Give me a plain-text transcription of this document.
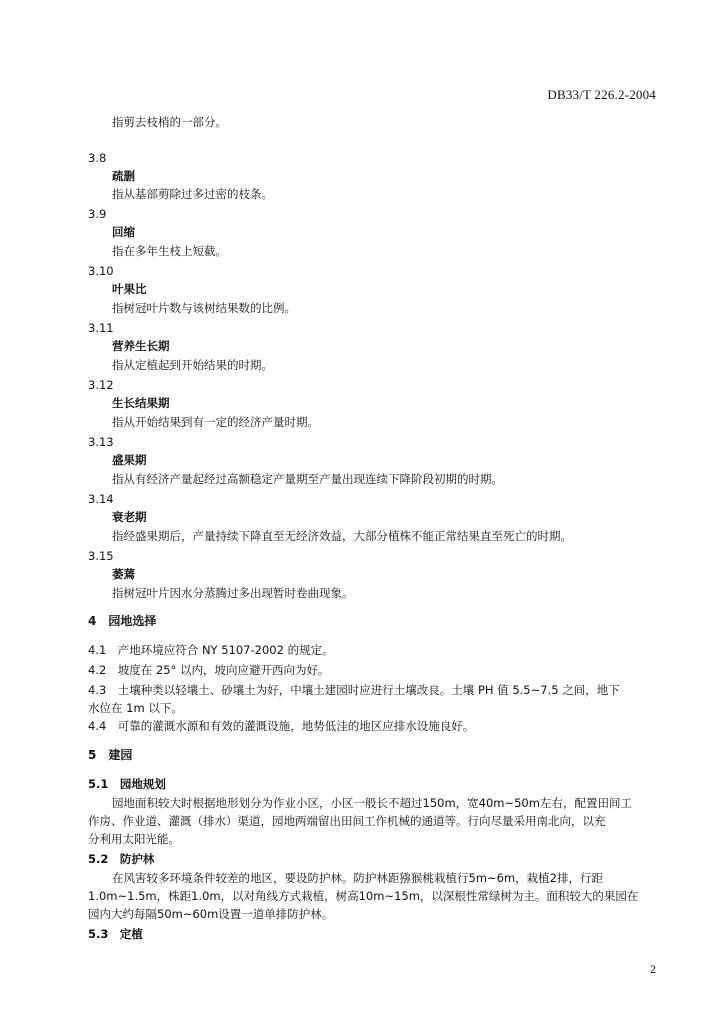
DB33/T 226.2-2004
指剪去枝梢的一部分。
3.8
疏删
指从基部剪除过多过密的枝条。
3.9
回缩
指在多年生枝上短截。
3.10
叶果比
指树冠叶片数与该树结果数的比例。
3.11
营养生长期
指从定植起到开始结果的时期。
3.12
生长结果期
指从开始结果到有一定的经济产量时期。
3.13
盛果期
指从有经济产量起经过高额稳定产量期至产量出现连续下降阶段初期的时期。
3.14
衰老期
指经盛果期后，产量持续下降直至无经济效益，大部分植株不能正常结果直至死亡的时期。
3.15
萎蔫
指树冠叶片因水分蒸腾过多出现暂时卷曲现象。
4　园地选择
4.1　产地环境应符合 NY 5107-2002 的规定。
4.2　坡度在 25° 以内，坡向应避开西向为好。
4.3　土壤种类以轻壤土、砂壤土为好，中壤土建园时应进行土壤改良。土壤 PH 值 5.5~7.5 之间，地下
水位在 1m 以下。
4.4　可靠的灌溉水源和有效的灌溉设施，地势低洼的地区应排水设施良好。
5　建园
5.1　园地规划
园地面积较大时根据地形划分为作业小区，小区一般长不超过150m，宽40m~50m左右，配置田间工
作房、作业道、灌溉（排水）渠道，园地两端留出田间工作机械的通道等。行向尽量采用南北向，以充
分利用太阳光能。
5.2　防护林
在风害较多环境条件较差的地区，要设防护林。防护林距猕猴桃栽植行5m~6m，栽植2排，行距
1.0m~1.5m，株距1.0m，以对角线方式栽植，树高10m~15m，以深根性常绿树为主。面积较大的果园在
园内大约每隔50m~60m设置一道单排防护林。
5.3　定植
2
